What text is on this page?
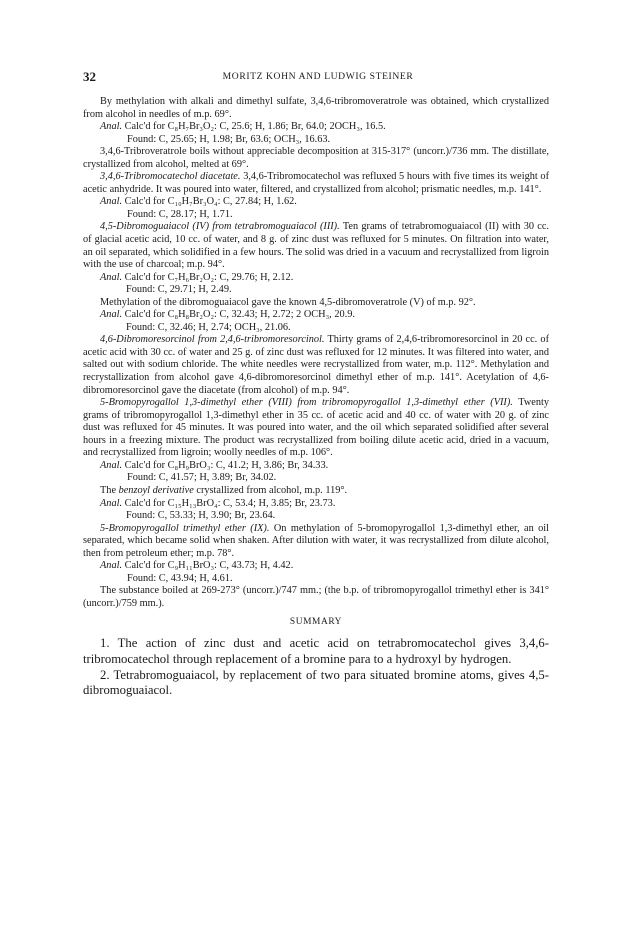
32	MORITZ KOHN AND LUDWIG STEINER

By methylation with alkali and dimethyl sulfate, 3,4,6-tribromoveratrole was obtained, which crystallized from alcohol in needles of m.p. 69°.

Anal. Calc'd for C₈H₇Br₃O₂: C, 25.6; H, 1.86; Br, 64.0; 2OCH₃, 16.5.

Found: C, 25.65; H, 1.98; Br, 63.6; OCH₃, 16.63.

3,4,6-Tribroveratrole boils without appreciable decomposition at 315-317° (uncorr.)/736 mm. The distillate, crystallized from alcohol, melted at 69°.

3,4,6-Tribromocatechol diacetate. 3,4,6-Tribromocatechol was refluxed 5 hours with five times its weight of acetic anhydride. It was poured into water, filtered, and crystallized from alcohol; prismatic needles, m.p. 141°.

Anal. Calc'd for C₁₀H₇Br₃O₄: C, 27.84; H, 1.62.

Found: C, 28.17; H, 1.71.

4,5-Dibromoguaiacol (IV) from tetrabromoguaiacol (III). Ten grams of tetrabromoguaiacol (II) with 30 cc. of glacial acetic acid, 10 cc. of water, and 8 g. of zinc dust was refluxed for 5 minutes. On filtration into water, an oil separated, which solidified in a few hours. The solid was dried in a vacuum and recrystallized from ligroin with the use of charcoal; m.p. 94°.

Anal. Calc'd for C₇H₆Br₂O₂: C, 29.76; H, 2.12.

Found: C, 29.71; H, 2.49.

Methylation of the dibromoguaiacol gave the known 4,5-dibromoveratrole (V) of m.p. 92°.

Anal. Calc'd for C₈H₈Br₂O₂: C, 32.43; H, 2.72; 2 OCH₃, 20.9.

Found: C, 32.46; H, 2.74; OCH₃, 21.06.

4,6-Dibromoresorcinol from 2,4,6-tribromoresorcinol. Thirty grams of 2,4,6-tribromoresorcinol in 20 cc. of acetic acid with 30 cc. of water and 25 g. of zinc dust was refluxed for 12 minutes. It was filtered into water, and salted out with sodium chloride. The white needles were recrystallized from water, m.p. 112°. Methylation and recrystallization from alcohol gave 4,6-dibromoresorcinol dimethyl ether of m.p. 141°. Acetylation of 4,6-dibromoresorcinol gave the diacetate (from alcohol) of m.p. 94°.

5-Bromopyrogallol 1,3-dimethyl ether (VIII) from tribromopyrogallol 1,3-dimethyl ether (VII). Twenty grams of tribromopyrogallol 1,3-dimethyl ether in 35 cc. of acetic acid and 40 cc. of water with 20 g. of zinc dust was refluxed for 45 minutes. It was poured into water, and the oil which separated solidified after several hours in a freezing mixture. The product was recrystallized from boiling dilute acetic acid, dried in a vacuum, and recrystallized from ligroin; woolly needles of m.p. 106°.

Anal. Calc'd for C₈H₉BrO₃: C, 41.2; H, 3.86; Br, 34.33.

Found: C, 41.57; H, 3.89; Br, 34.02.

The benzoyl derivative crystallized from alcohol, m.p. 119°.

Anal. Calc'd for C₁₅H₁₃BrO₄: C, 53.4; H, 3.85; Br, 23.73.

Found: C, 53.33; H, 3.90; Br, 23.64.

5-Bromopyrogallol trimethyl ether (IX). On methylation of 5-bromopyrogallol 1,3-dimethyl ether, an oil separated, which became solid when shaken. After dilution with water, it was recrystallized from dilute alcohol, then from petroleum ether; m.p. 78°.

Anal. Calc'd for C₉H₁₁BrO₃: C, 43.73; H, 4.42.

Found: C, 43.94; H, 4.61.

The substance boiled at 269-273° (uncorr.)/747 mm.; (the b.p. of tribromopyrogallol trimethyl ether is 341° (uncorr.)/759 mm.).

SUMMARY

1. The action of zinc dust and acetic acid on tetrabromocatechol gives 3,4,6-tribromocatechol through replacement of a bromine para to a hydroxyl by hydrogen.

2. Tetrabromoguaiacol, by replacement of two para situated bromine atoms, gives 4,5-dibromoguaiacol.
